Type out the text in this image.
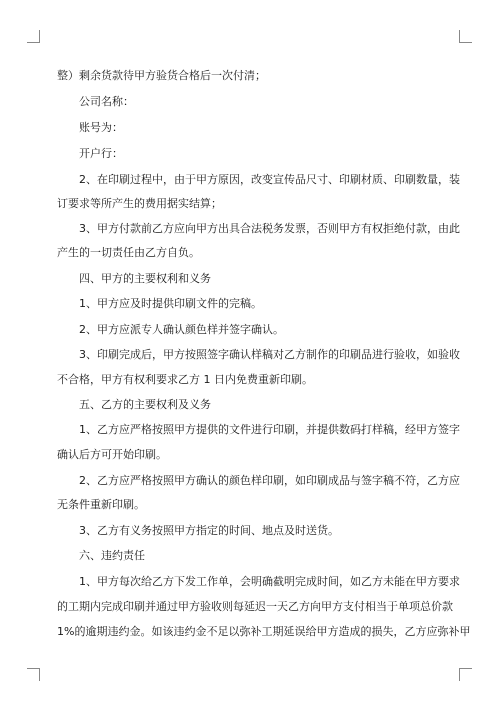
整）剩余货款待甲方验货合格后一次付清；

公司名称：

账号为：

开户行：

2、在印刷过程中，由于甲方原因，改变宣传品尺寸、印刷材质、印刷数量，装

订要求等所产生的费用据实结算；

3、甲方付款前乙方应向甲方出具合法税务发票，否则甲方有权拒绝付款，由此

产生的一切责任由乙方自负。

四、甲方的主要权利和义务

1、甲方应及时提供印刷文件的完稿。

2、甲方应派专人确认颜色样并签字确认。

3、印刷完成后，甲方按照签字确认样稿对乙方制作的印刷品进行验收，如验收

不合格，甲方有权利要求乙方 1 日内免费重新印刷。

五、乙方的主要权利及义务

1、乙方应严格按照甲方提供的文件进行印刷，并提供数码打样稿，经甲方签字

确认后方可开始印刷。

2、乙方应严格按照甲方确认的颜色样印刷，如印刷成品与签字稿不符，乙方应

无条件重新印刷。

3、乙方有义务按照甲方指定的时间、地点及时送货。

六、违约责任

1、甲方每次给乙方下发工作单，会明确截明完成时间，如乙方未能在甲方要求

的工期内完成印刷并通过甲方验收则每延迟一天乙方向甲方支付相当于单项总价款

1%的逾期违约金。如该违约金不足以弥补工期延误给甲方造成的损失，乙方应弥补甲
